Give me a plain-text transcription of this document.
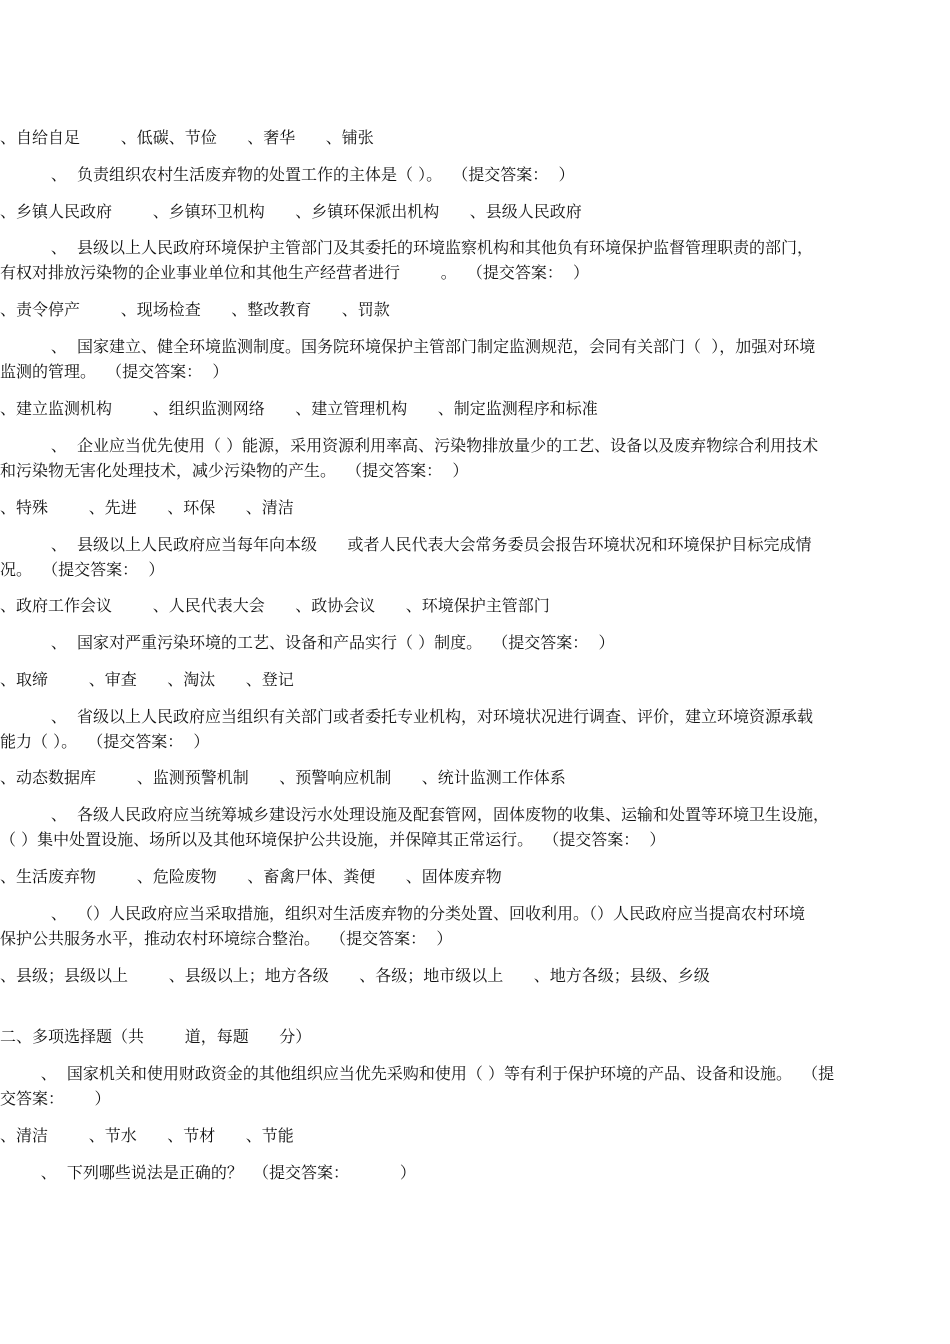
、自给自足        、低碳、节俭      、奢华      、铺张
、  负责组织农村生活废弃物的处置工作的主体是（ ）。  （提交答案：  ）
、乡镇人民政府        、乡镇环卫机构      、乡镇环保派出机构      、县级人民政府
、  县级以上人民政府环境保护主管部门及其委托的环境监察机构和其他负有环境保护监督管理职责的部门，
有权对排放污染物的企业事业单位和其他生产经营者进行        。  （提交答案：  ）
、责令停产        、现场检查      、整改教育      、罚款
、  国家建立、健全环境监测制度。国务院环境保护主管部门制定监测规范，会同有关部门（  ），加强对环境
监测的管理。  （提交答案：  ）
、建立监测机构        、组织监测网络      、建立管理机构      、制定监测程序和标准
、  企业应当优先使用（ ）能源，采用资源利用率高、污染物排放量少的工艺、设备以及废弃物综合利用技术
和污染物无害化处理技术，减少污染物的产生。  （提交答案：  ）
、特殊        、先进      、环保      、清洁
、  县级以上人民政府应当每年向本级      或者人民代表大会常务委员会报告环境状况和环境保护目标完成情
况。  （提交答案：  ）
、政府工作会议        、人民代表大会      、政协会议      、环境保护主管部门
、  国家对严重污染环境的工艺、设备和产品实行（ ）制度。  （提交答案：  ）
、取缔        、审查      、淘汰      、登记
、  省级以上人民政府应当组织有关部门或者委托专业机构，对环境状况进行调查、评价，建立环境资源承载
能力（ ）。  （提交答案：  ）
、动态数据库        、监测预警机制      、预警响应机制      、统计监测工作体系
、  各级人民政府应当统筹城乡建设污水处理设施及配套管网，固体废物的收集、运输和处置等环境卫生设施，
（ ）集中处置设施、场所以及其他环境保护公共设施，并保障其正常运行。  （提交答案：  ）
、生活废弃物        、危险废物      、畜禽尸体、粪便      、固体废弃物
、  （）人民政府应当采取措施，组织对生活废弃物的分类处置、回收利用。（）人民政府应当提高农村环境
保护公共服务水平，推动农村环境综合整治。  （提交答案：  ）
、县级；县级以上        、县级以上；地方各级      、各级；地市级以上      、地方各级；县级、乡级
二、多项选择题（共        道，每题      分）
、  国家机关和使用财政资金的其他组织应当优先采购和使用（ ）等有利于保护环境的产品、设备和设施。  （提
交答案：      ）
、清洁        、节水      、节材      、节能
、  下列哪些说法是正确的？  （提交答案：          ）
